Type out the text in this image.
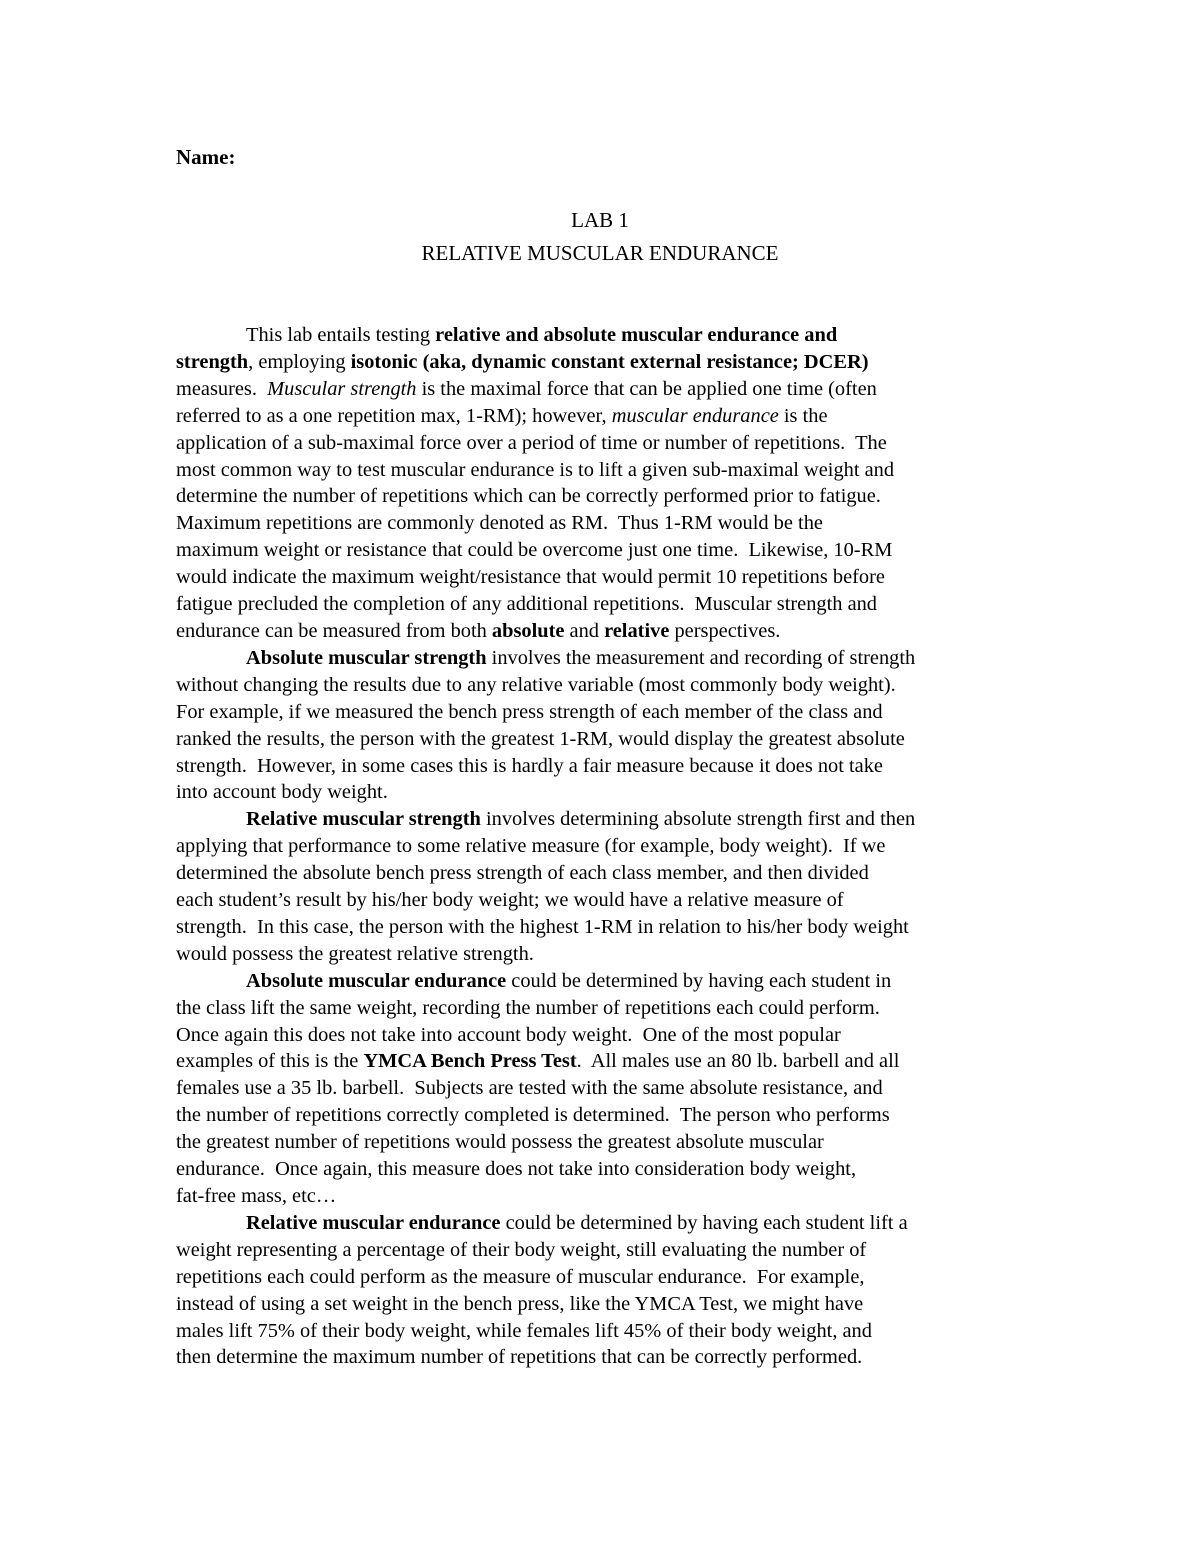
Name:
LAB 1
RELATIVE MUSCULAR ENDURANCE
This lab entails testing relative and absolute muscular endurance and
strength, employing isotonic (aka, dynamic constant external resistance; DCER)
measures.  Muscular strength is the maximal force that can be applied one time (often
referred to as a one repetition max, 1-RM); however, muscular endurance is the
application of a sub-maximal force over a period of time or number of repetitions.  The
most common way to test muscular endurance is to lift a given sub-maximal weight and
determine the number of repetitions which can be correctly performed prior to fatigue.
Maximum repetitions are commonly denoted as RM.  Thus 1-RM would be the
maximum weight or resistance that could be overcome just one time.  Likewise, 10-RM
would indicate the maximum weight/resistance that would permit 10 repetitions before
fatigue precluded the completion of any additional repetitions.  Muscular strength and
endurance can be measured from both absolute and relative perspectives.
Absolute muscular strength involves the measurement and recording of strength
without changing the results due to any relative variable (most commonly body weight).
For example, if we measured the bench press strength of each member of the class and
ranked the results, the person with the greatest 1-RM, would display the greatest absolute
strength.  However, in some cases this is hardly a fair measure because it does not take
into account body weight.
Relative muscular strength involves determining absolute strength first and then
applying that performance to some relative measure (for example, body weight).  If we
determined the absolute bench press strength of each class member, and then divided
each student’s result by his/her body weight; we would have a relative measure of
strength.  In this case, the person with the highest 1-RM in relation to his/her body weight
would possess the greatest relative strength.
Absolute muscular endurance could be determined by having each student in
the class lift the same weight, recording the number of repetitions each could perform.
Once again this does not take into account body weight.  One of the most popular
examples of this is the YMCA Bench Press Test.  All males use an 80 lb. barbell and all
females use a 35 lb. barbell.  Subjects are tested with the same absolute resistance, and
the number of repetitions correctly completed is determined.  The person who performs
the greatest number of repetitions would possess the greatest absolute muscular
endurance.  Once again, this measure does not take into consideration body weight,
fat-free mass, etc…
Relative muscular endurance could be determined by having each student lift a
weight representing a percentage of their body weight, still evaluating the number of
repetitions each could perform as the measure of muscular endurance.  For example,
instead of using a set weight in the bench press, like the YMCA Test, we might have
males lift 75% of their body weight, while females lift 45% of their body weight, and
then determine the maximum number of repetitions that can be correctly performed.
